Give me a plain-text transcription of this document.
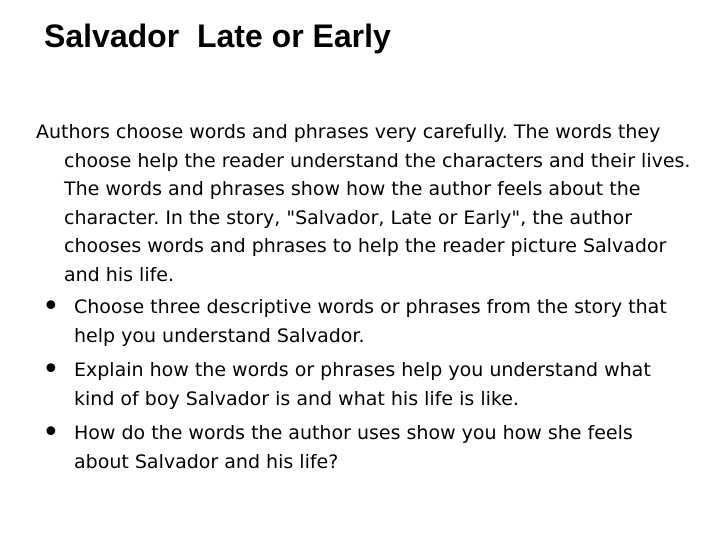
Salvador  Late or Early

Authors choose words and phrases very carefully. The words they choose help the reader understand the characters and their lives. The words and phrases show how the author feels about the character. In the story, "Salvador, Late or Early", the author chooses words and phrases to help the reader picture Salvador and his life.

• Choose three descriptive words or phrases from the story that help you understand Salvador.
• Explain how the words or phrases help you understand what kind of boy Salvador is and what his life is like.
• How do the words the author uses show you how she feels about Salvador and his life?
